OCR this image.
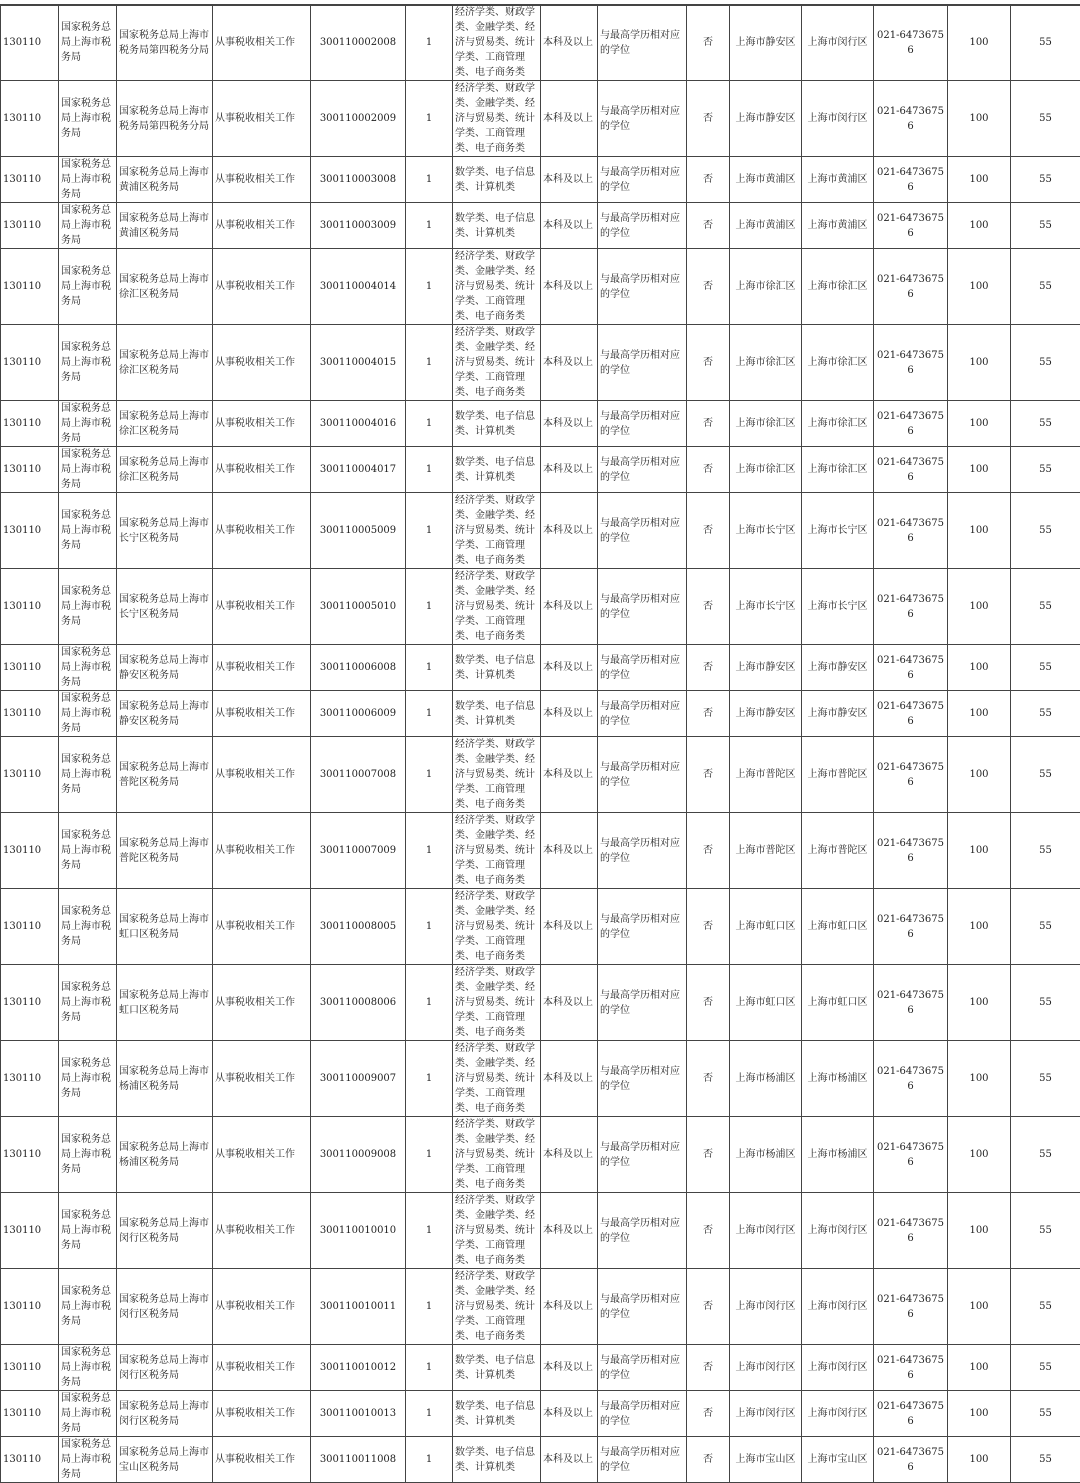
130110	国家税务总局上海市税务局	国家税务总局上海市税务局第四税务分局	从事税收相关工作	300110002008	1	经济学类、财政学类、金融学类、经济与贸易类、统计学类、工商管理类、电子商务类	本科及以上	与最高学历相对应的学位	否	上海市静安区	上海市闵行区	021-64736756	100	55
130110	国家税务总局上海市税务局	国家税务总局上海市税务局第四税务分局	从事税收相关工作	300110002009	1	经济学类、财政学类、金融学类、经济与贸易类、统计学类、工商管理类、电子商务类	本科及以上	与最高学历相对应的学位	否	上海市静安区	上海市闵行区	021-64736756	100	55
130110	国家税务总局上海市税务局	国家税务总局上海市黄浦区税务局	从事税收相关工作	300110003008	1	数学类、电子信息类、计算机类	本科及以上	与最高学历相对应的学位	否	上海市黄浦区	上海市黄浦区	021-64736756	100	55
130110	国家税务总局上海市税务局	国家税务总局上海市黄浦区税务局	从事税收相关工作	300110003009	1	数学类、电子信息类、计算机类	本科及以上	与最高学历相对应的学位	否	上海市黄浦区	上海市黄浦区	021-64736756	100	55
130110	国家税务总局上海市税务局	国家税务总局上海市徐汇区税务局	从事税收相关工作	300110004014	1	经济学类、财政学类、金融学类、经济与贸易类、统计学类、工商管理类、电子商务类	本科及以上	与最高学历相对应的学位	否	上海市徐汇区	上海市徐汇区	021-64736756	100	55
130110	国家税务总局上海市税务局	国家税务总局上海市徐汇区税务局	从事税收相关工作	300110004015	1	经济学类、财政学类、金融学类、经济与贸易类、统计学类、工商管理类、电子商务类	本科及以上	与最高学历相对应的学位	否	上海市徐汇区	上海市徐汇区	021-64736756	100	55
130110	国家税务总局上海市税务局	国家税务总局上海市徐汇区税务局	从事税收相关工作	300110004016	1	数学类、电子信息类、计算机类	本科及以上	与最高学历相对应的学位	否	上海市徐汇区	上海市徐汇区	021-64736756	100	55
130110	国家税务总局上海市税务局	国家税务总局上海市徐汇区税务局	从事税收相关工作	300110004017	1	数学类、电子信息类、计算机类	本科及以上	与最高学历相对应的学位	否	上海市徐汇区	上海市徐汇区	021-64736756	100	55
130110	国家税务总局上海市税务局	国家税务总局上海市长宁区税务局	从事税收相关工作	300110005009	1	经济学类、财政学类、金融学类、经济与贸易类、统计学类、工商管理类、电子商务类	本科及以上	与最高学历相对应的学位	否	上海市长宁区	上海市长宁区	021-64736756	100	55
130110	国家税务总局上海市税务局	国家税务总局上海市长宁区税务局	从事税收相关工作	300110005010	1	经济学类、财政学类、金融学类、经济与贸易类、统计学类、工商管理类、电子商务类	本科及以上	与最高学历相对应的学位	否	上海市长宁区	上海市长宁区	021-64736756	100	55
130110	国家税务总局上海市税务局	国家税务总局上海市静安区税务局	从事税收相关工作	300110006008	1	数学类、电子信息类、计算机类	本科及以上	与最高学历相对应的学位	否	上海市静安区	上海市静安区	021-64736756	100	55
130110	国家税务总局上海市税务局	国家税务总局上海市静安区税务局	从事税收相关工作	300110006009	1	数学类、电子信息类、计算机类	本科及以上	与最高学历相对应的学位	否	上海市静安区	上海市静安区	021-64736756	100	55
130110	国家税务总局上海市税务局	国家税务总局上海市普陀区税务局	从事税收相关工作	300110007008	1	经济学类、财政学类、金融学类、经济与贸易类、统计学类、工商管理类、电子商务类	本科及以上	与最高学历相对应的学位	否	上海市普陀区	上海市普陀区	021-64736756	100	55
130110	国家税务总局上海市税务局	国家税务总局上海市普陀区税务局	从事税收相关工作	300110007009	1	经济学类、财政学类、金融学类、经济与贸易类、统计学类、工商管理类、电子商务类	本科及以上	与最高学历相对应的学位	否	上海市普陀区	上海市普陀区	021-64736756	100	55
130110	国家税务总局上海市税务局	国家税务总局上海市虹口区税务局	从事税收相关工作	300110008005	1	经济学类、财政学类、金融学类、经济与贸易类、统计学类、工商管理类、电子商务类	本科及以上	与最高学历相对应的学位	否	上海市虹口区	上海市虹口区	021-64736756	100	55
130110	国家税务总局上海市税务局	国家税务总局上海市虹口区税务局	从事税收相关工作	300110008006	1	经济学类、财政学类、金融学类、经济与贸易类、统计学类、工商管理类、电子商务类	本科及以上	与最高学历相对应的学位	否	上海市虹口区	上海市虹口区	021-64736756	100	55
130110	国家税务总局上海市税务局	国家税务总局上海市杨浦区税务局	从事税收相关工作	300110009007	1	经济学类、财政学类、金融学类、经济与贸易类、统计学类、工商管理类、电子商务类	本科及以上	与最高学历相对应的学位	否	上海市杨浦区	上海市杨浦区	021-64736756	100	55
130110	国家税务总局上海市税务局	国家税务总局上海市杨浦区税务局	从事税收相关工作	300110009008	1	经济学类、财政学类、金融学类、经济与贸易类、统计学类、工商管理类、电子商务类	本科及以上	与最高学历相对应的学位	否	上海市杨浦区	上海市杨浦区	021-64736756	100	55
130110	国家税务总局上海市税务局	国家税务总局上海市闵行区税务局	从事税收相关工作	300110010010	1	经济学类、财政学类、金融学类、经济与贸易类、统计学类、工商管理类、电子商务类	本科及以上	与最高学历相对应的学位	否	上海市闵行区	上海市闵行区	021-64736756	100	55
130110	国家税务总局上海市税务局	国家税务总局上海市闵行区税务局	从事税收相关工作	300110010011	1	经济学类、财政学类、金融学类、经济与贸易类、统计学类、工商管理类、电子商务类	本科及以上	与最高学历相对应的学位	否	上海市闵行区	上海市闵行区	021-64736756	100	55
130110	国家税务总局上海市税务局	国家税务总局上海市闵行区税务局	从事税收相关工作	300110010012	1	数学类、电子信息类、计算机类	本科及以上	与最高学历相对应的学位	否	上海市闵行区	上海市闵行区	021-64736756	100	55
130110	国家税务总局上海市税务局	国家税务总局上海市闵行区税务局	从事税收相关工作	300110010013	1	数学类、电子信息类、计算机类	本科及以上	与最高学历相对应的学位	否	上海市闵行区	上海市闵行区	021-64736756	100	55
130110	国家税务总局上海市税务局	国家税务总局上海市宝山区税务局	从事税收相关工作	300110011008	1	数学类、电子信息类、计算机类	本科及以上	与最高学历相对应的学位	否	上海市宝山区	上海市宝山区	021-64736756	100	55
